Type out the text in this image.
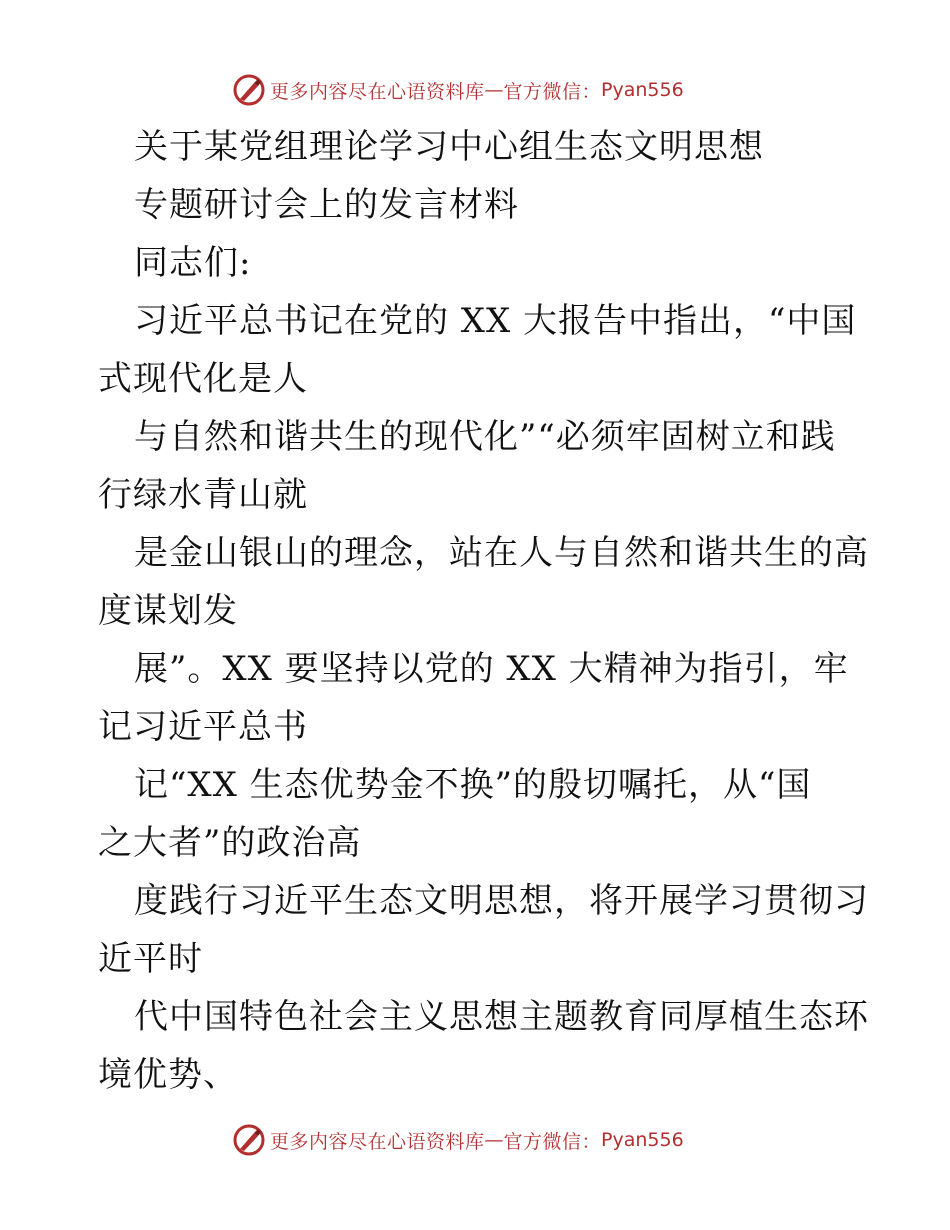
更多内容尽在心语资料库 — 官方微信： Pyan556
关于某党组理论学习中心组生态文明思想
专题研讨会上的发言材料
同志们:
习近平总书记在党的 XX 大报告中指出，“中国
式现代化是人
与自然和谐共生的现代化”“必须牢固树立和践
行绿水青山就
是金山银山的理念，站在人与自然和谐共生的高
度谋划发
展”。XX 要坚持以党的 XX 大精神为指引，牢
记习近平总书
记“XX 生态优势金不换”的殷切嘱托，从“国
之大者”的政治高
度践行习近平生态文明思想，将开展学习贯彻习
近平时
代中国特色社会主义思想主题教育同厚植生态环
境优势、
更多内容尽在心语资料库 — 官方微信： Pyan556
